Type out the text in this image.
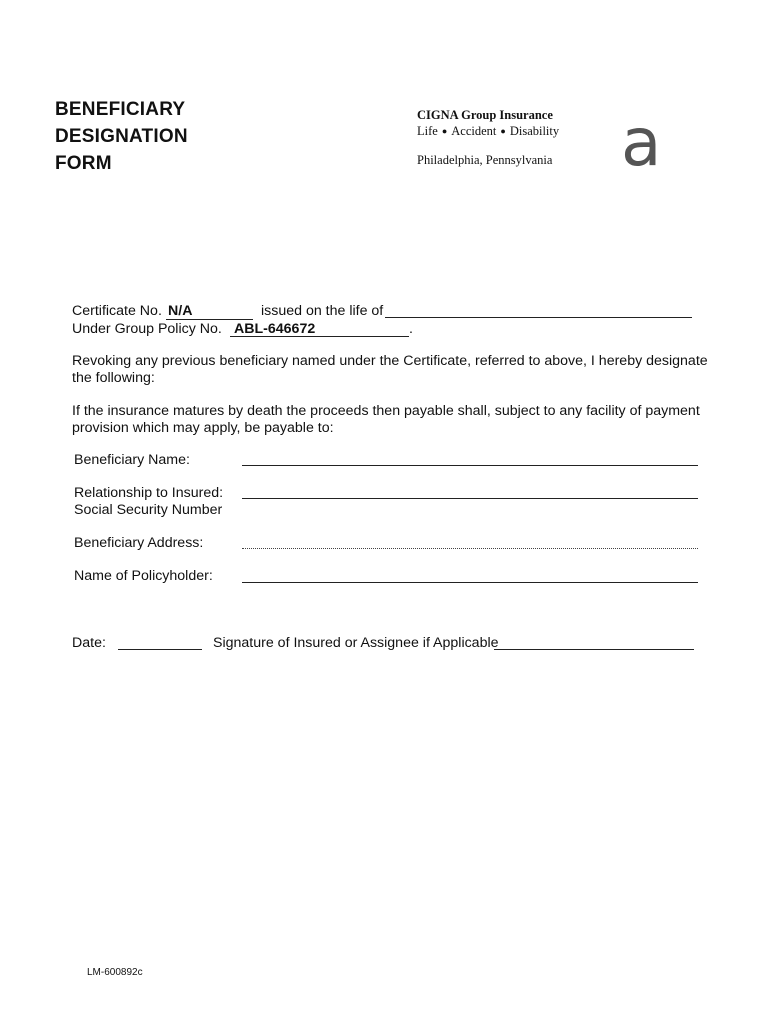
BENEFICIARY
DESIGNATION
FORM
CIGNA Group Insurance
Life ● Accident ● Disability
Philadelphia, Pennsylvania a
Certificate No. N/A	issued on the life of
Under Group Policy No. ABL-646672	.
Revoking any previous beneficiary named under the Certificate, referred to above, I hereby designate
the following:
If the insurance matures by death the proceeds then payable shall, subject to any facility of payment
provision which may apply, be payable to:
Beneficiary Name:
Relationship to Insured:
Social Security Number
Beneficiary Address:
Name of Policyholder:
Date:	Signature of Insured or Assignee if Applicable
LM-600892c
